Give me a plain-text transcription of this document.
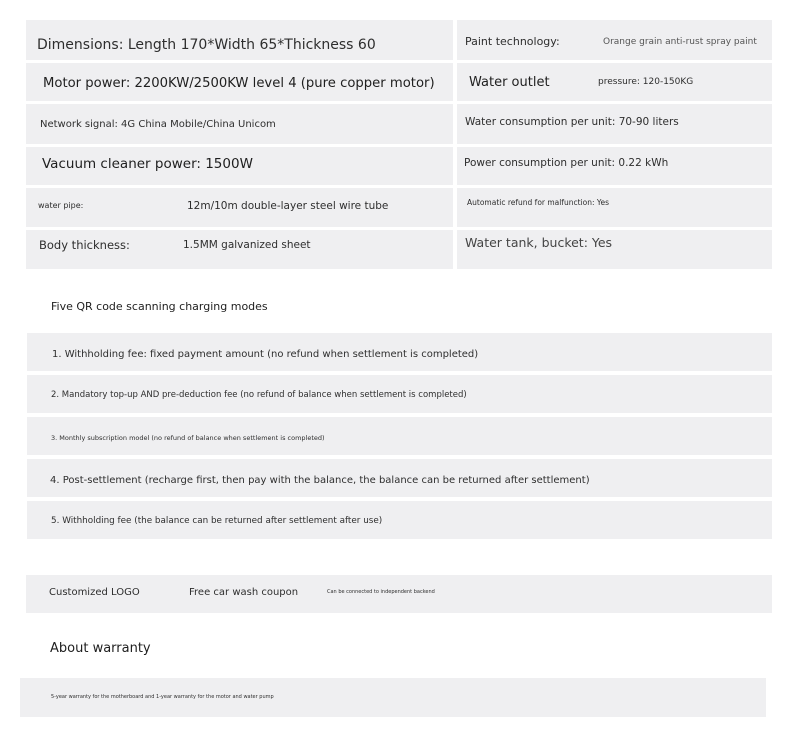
Dimensions: Length 170*Width 65*Thickness 60	Paint technology:	Orange grain anti-rust spray paint
Motor power: 2200KW/2500KW level 4 (pure copper motor)	Water outlet	pressure: 120-150KG
Network signal: 4G China Mobile/China Unicom	Water consumption per unit: 70-90 liters
Vacuum cleaner power: 1500W	Power consumption per unit: 0.22 kWh
water pipe:	12m/10m double-layer steel wire tube	Automatic refund for malfunction: Yes
Body thickness:	1.5MM galvanized sheet	Water tank, bucket: Yes
Five QR code scanning charging modes
1. Withholding fee: fixed payment amount (no refund when settlement is completed)
2. Mandatory top-up AND pre-deduction fee (no refund of balance when settlement is completed)
3. Monthly subscription model (no refund of balance when settlement is completed)
4. Post-settlement (recharge first, then pay with the balance, the balance can be returned after settlement)
5. Withholding fee (the balance can be returned after settlement after use)
Customized LOGO	Free car wash coupon	Can be connected to independent backend
About warranty
5-year warranty for the motherboard and 1-year warranty for the motor and water pump
